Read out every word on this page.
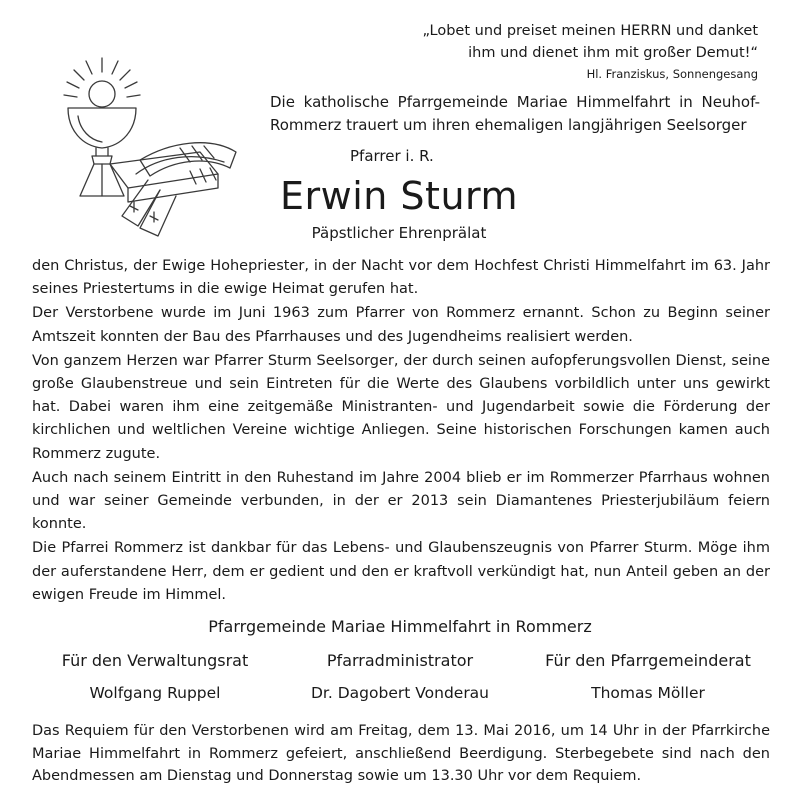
„Lobet und preiset meinen HERRN und danket
ihm und dienet ihm mit großer Demut!“
Hl. Franziskus, Sonnengesang
Die katholische Pfarrgemeinde Mariae Himmelfahrt in Neuhof-Rommerz trauert um ihren ehemaligen langjährigen Seelsorger
Pfarrer i. R.
Erwin Sturm
Päpstlicher Ehrenprälat

den Christus, der Ewige Hohepriester, in der Nacht vor dem Hochfest Christi Himmelfahrt im 63. Jahr seines Priestertums in die ewige Heimat gerufen hat.

Der Verstorbene wurde im Juni 1963 zum Pfarrer von Rommerz ernannt. Schon zu Beginn seiner Amtszeit konnten der Bau des Pfarrhauses und des Jugendheims realisiert werden.

Von ganzem Herzen war Pfarrer Sturm Seelsorger, der durch seinen aufopferungsvollen Dienst, seine große Glaubenstreue und sein Eintreten für die Werte des Glaubens vorbildlich unter uns gewirkt hat. Dabei waren ihm eine zeitgemäße Ministranten- und Jugendarbeit sowie die Förderung der kirchlichen und weltlichen Vereine wichtige Anliegen. Seine historischen Forschungen kamen auch Rommerz zugute.

Auch nach seinem Eintritt in den Ruhestand im Jahre 2004 blieb er im Rommerzer Pfarrhaus wohnen und war seiner Gemeinde verbunden, in der er 2013 sein Diamantenes Priesterjubiläum feiern konnte.

Die Pfarrei Rommerz ist dankbar für das Lebens- und Glaubenszeugnis von Pfarrer Sturm. Möge ihm der auferstandene Herr, dem er gedient und den er kraftvoll verkündigt hat, nun Anteil geben an der ewigen Freude im Himmel.

Pfarrgemeinde Mariae Himmelfahrt in Rommerz
Für den Verwaltungsrat
Wolfgang Ruppel
Pfarradministrator
Dr. Dagobert Vonderau
Für den Pfarrgemeinderat
Thomas Möller
Das Requiem für den Verstorbenen wird am Freitag, dem 13. Mai 2016, um 14 Uhr in der Pfarrkirche Mariae Himmelfahrt in Rommerz gefeiert, anschließend Beerdigung. Sterbegebete sind nach den Abendmessen am Dienstag und Donnerstag sowie um 13.30 Uhr vor dem Requiem.
